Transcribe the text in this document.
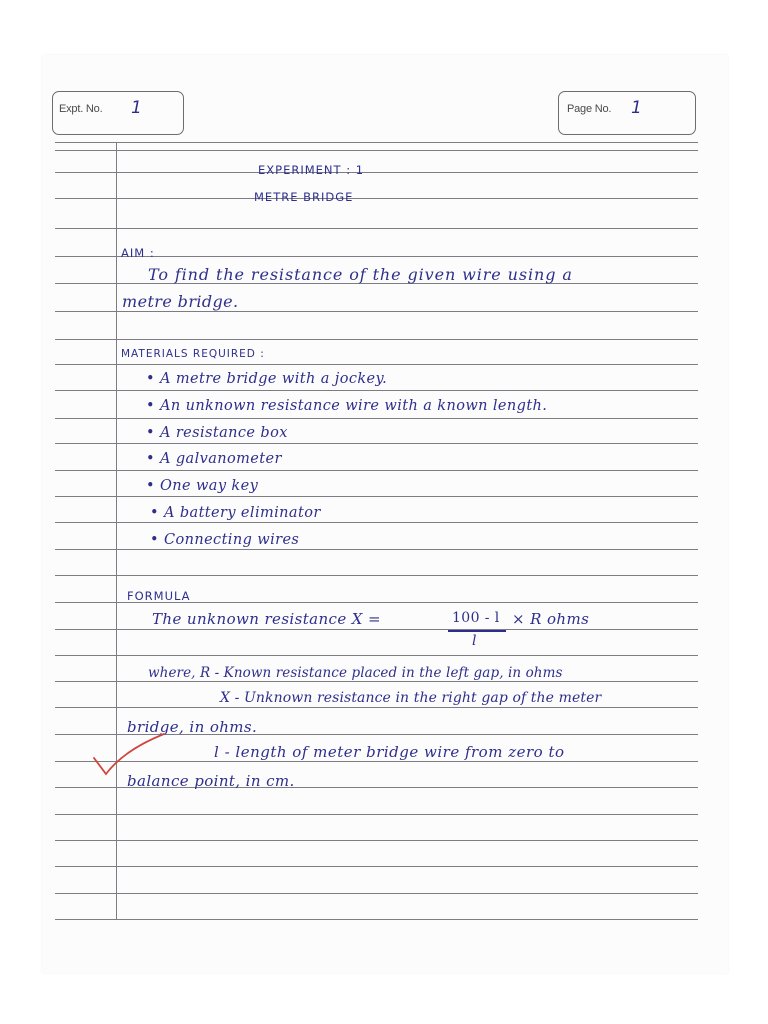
Expt. No. 1	Page No. 1
EXPERIMENT : 1
METRE BRIDGE
AIM :
To find the resistance of the given wire using a
metre bridge.
MATERIALS REQUIRED :
• A metre bridge with a jockey.
• An unknown resistance wire with a known length.
• A resistance box
• A galvanometer
• One way key
• A battery eliminator
• Connecting wires
FORMULA
The unknown resistance X =	100 - l
l
× R ohms
where, R - Known resistance placed in the left gap, in ohms
X - Unknown resistance in the right gap of the meter
bridge, in ohms.
l - length of meter bridge wire from zero to
balance point, in cm.
